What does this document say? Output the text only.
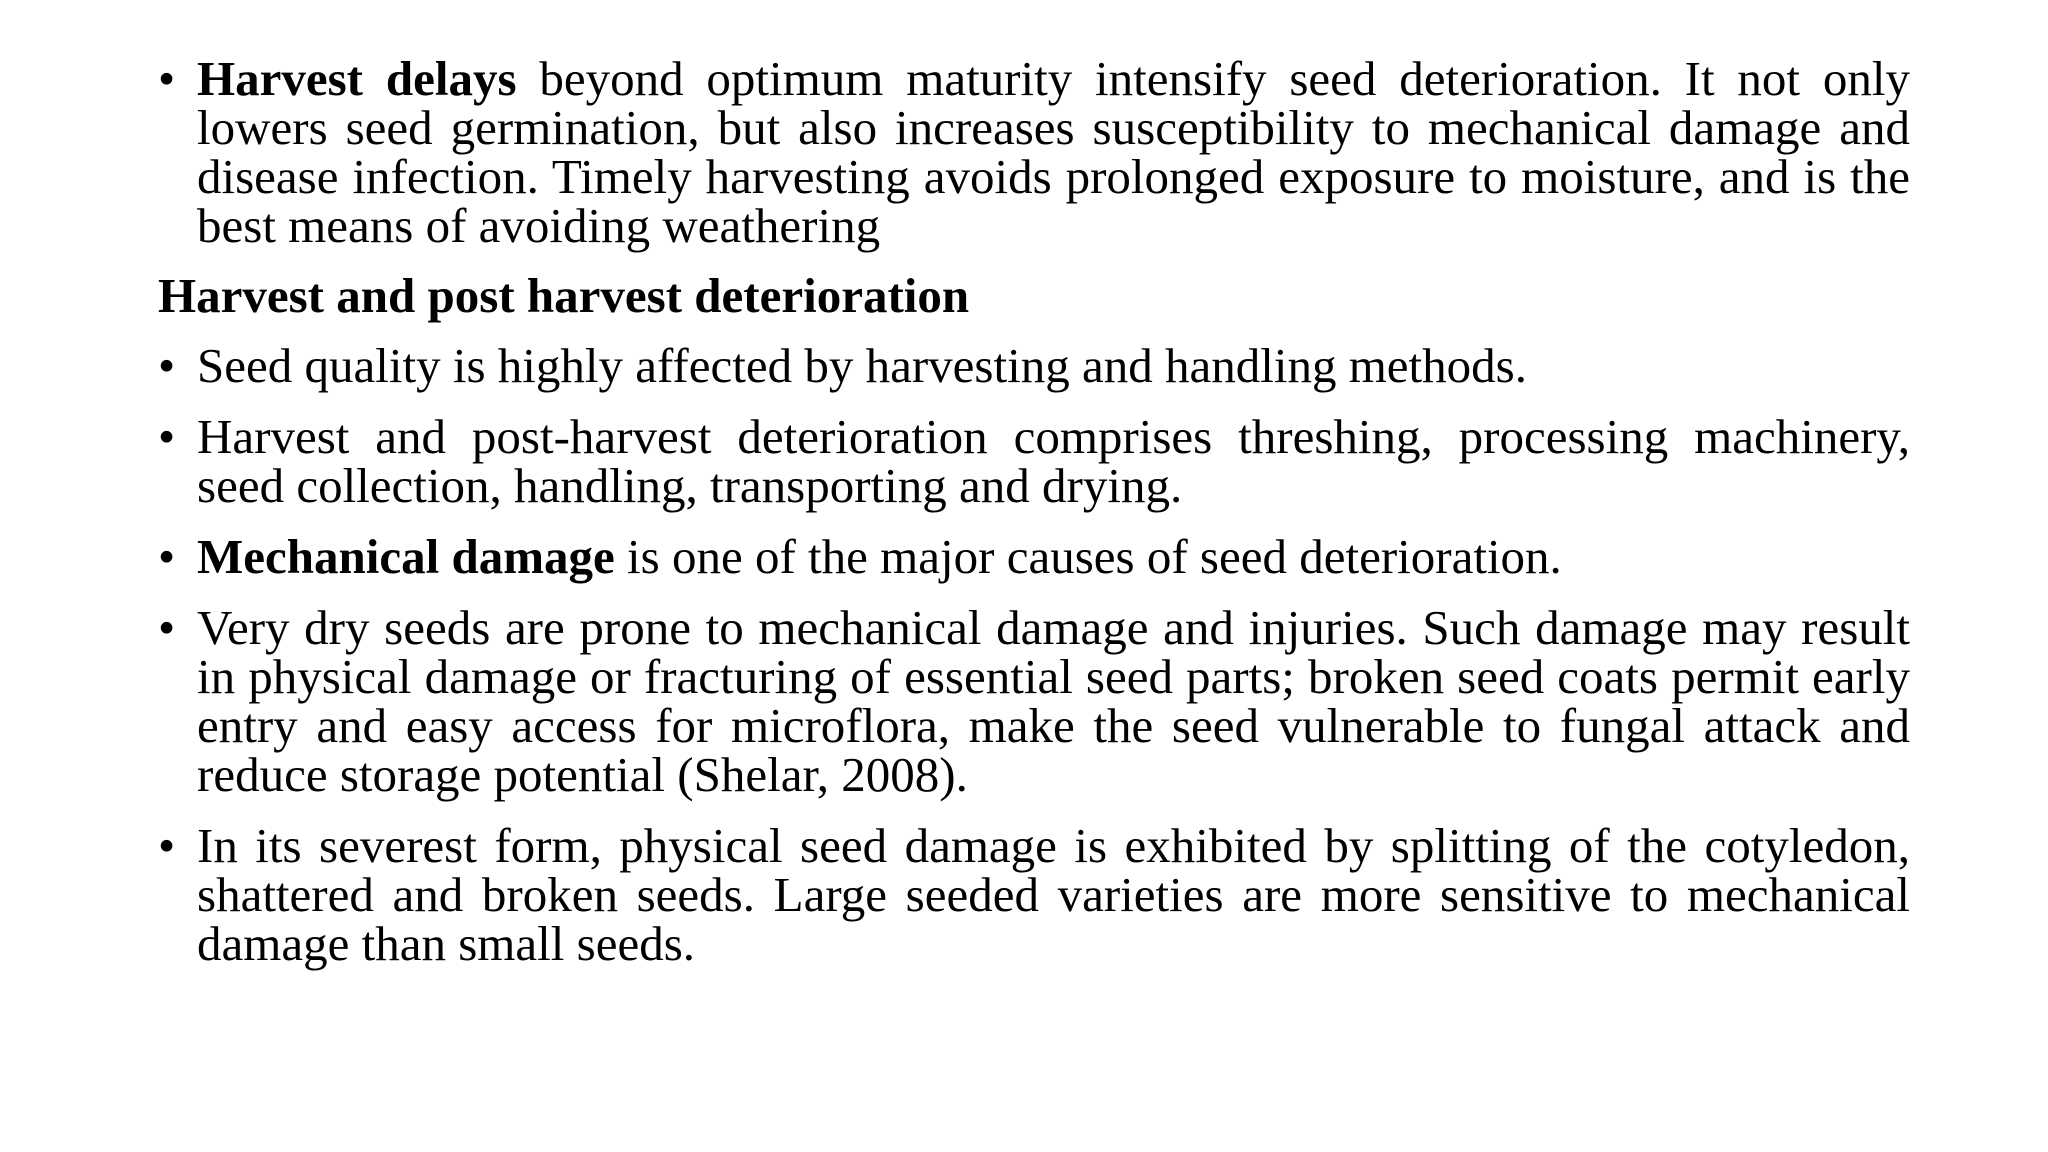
• Harvest delays beyond optimum maturity intensify seed deterioration. It not only lowers seed germination, but also increases susceptibility to mechanical damage and disease infection. Timely harvesting avoids prolonged exposure to moisture, and is the best means of avoiding weathering

Harvest and post harvest deterioration

• Seed quality is highly affected by harvesting and handling methods.

• Harvest and post-harvest deterioration comprises threshing, processing machinery, seed collection, handling, transporting and drying.

• Mechanical damage is one of the major causes of seed deterioration.

• Very dry seeds are prone to mechanical damage and injuries. Such damage may result in physical damage or fracturing of essential seed parts; broken seed coats permit early entry and easy access for microflora, make the seed vulnerable to fungal attack and reduce storage potential (Shelar, 2008).

• In its severest form, physical seed damage is exhibited by splitting of the cotyledon, shattered and broken seeds. Large seeded varieties are more sensitive to mechanical damage than small seeds.
